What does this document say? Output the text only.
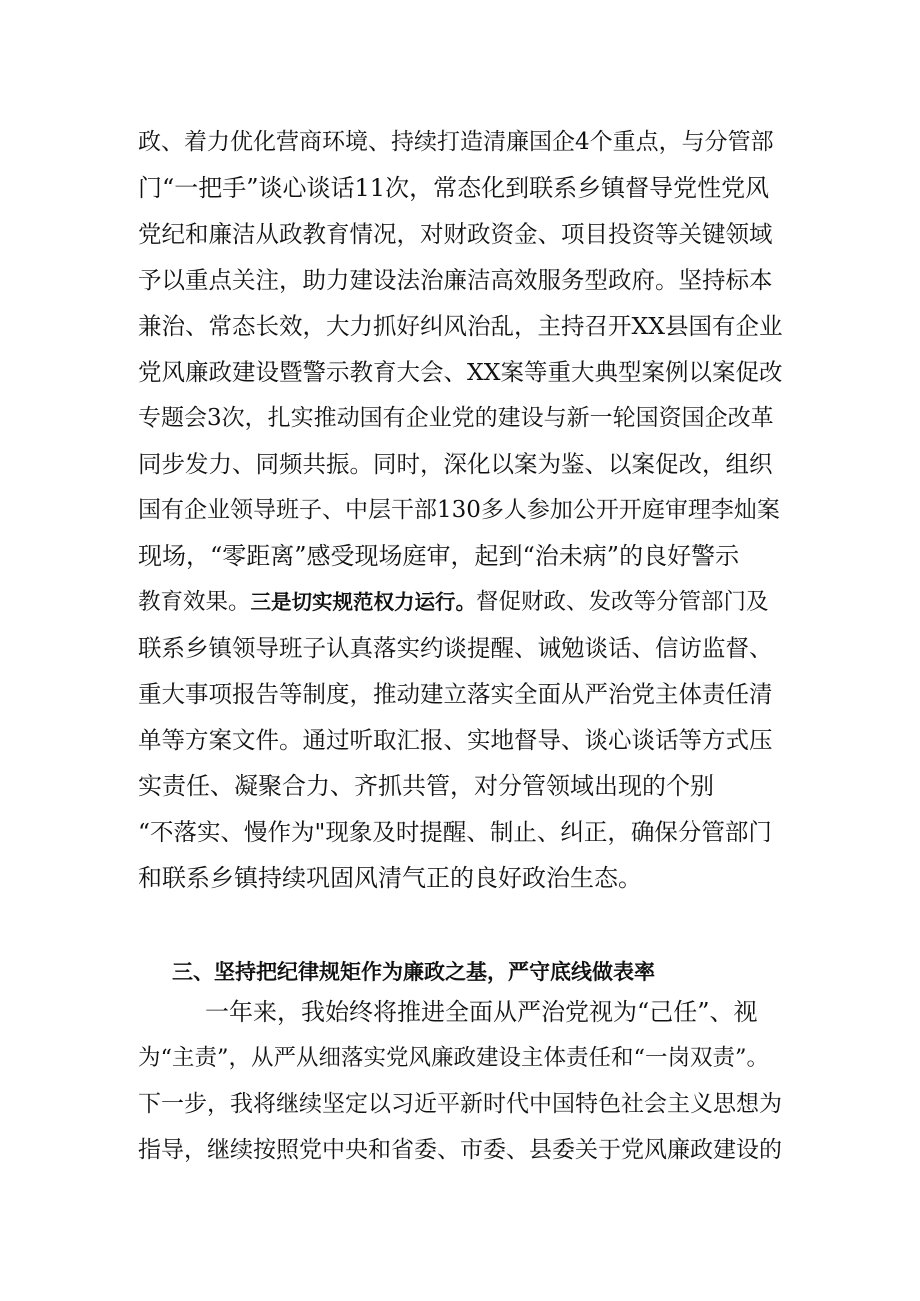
政、着力优化营商环境、持续打造清廉国企4个重点，与分管部
门“一把手”谈心谈话11次，常态化到联系乡镇督导党性党风
党纪和廉洁从政教育情况，对财政资金、项目投资等关键领域
予以重点关注，助力建设法治廉洁高效服务型政府。坚持标本
兼治、常态长效，大力抓好纠风治乱，主持召开XX县国有企业
党风廉政建设暨警示教育大会、XX案等重大典型案例以案促改
专题会3次，扎实推动国有企业党的建设与新一轮国资国企改革
同步发力、同频共振。同时，深化以案为鉴、以案促改，组织
国有企业领导班子、中层干部130多人参加公开开庭审理李灿案
现场，“零距离”感受现场庭审，起到“治未病”的良好警示
教育效果。三是切实规范权力运行。督促财政、发改等分管部门及
联系乡镇领导班子认真落实约谈提醒、诫勉谈话、信访监督、
重大事项报告等制度，推动建立落实全面从严治党主体责任清
单等方案文件。通过听取汇报、实地督导、谈心谈话等方式压
实责任、凝聚合力、齐抓共管，对分管领域出现的个别
“不落实、慢作为"现象及时提醒、制止、纠正，确保分管部门
和联系乡镇持续巩固风清气正的良好政治生态。
三、坚持把纪律规矩作为廉政之基，严守底线做表率
一年来，我始终将推进全面从严治党视为“己任”、视
为“主责”，从严从细落实党风廉政建设主体责任和“一岗双责”。
下一步，我将继续坚定以习近平新时代中国特色社会主义思想为
指导，继续按照党中央和省委、市委、县委关于党风廉政建设的
